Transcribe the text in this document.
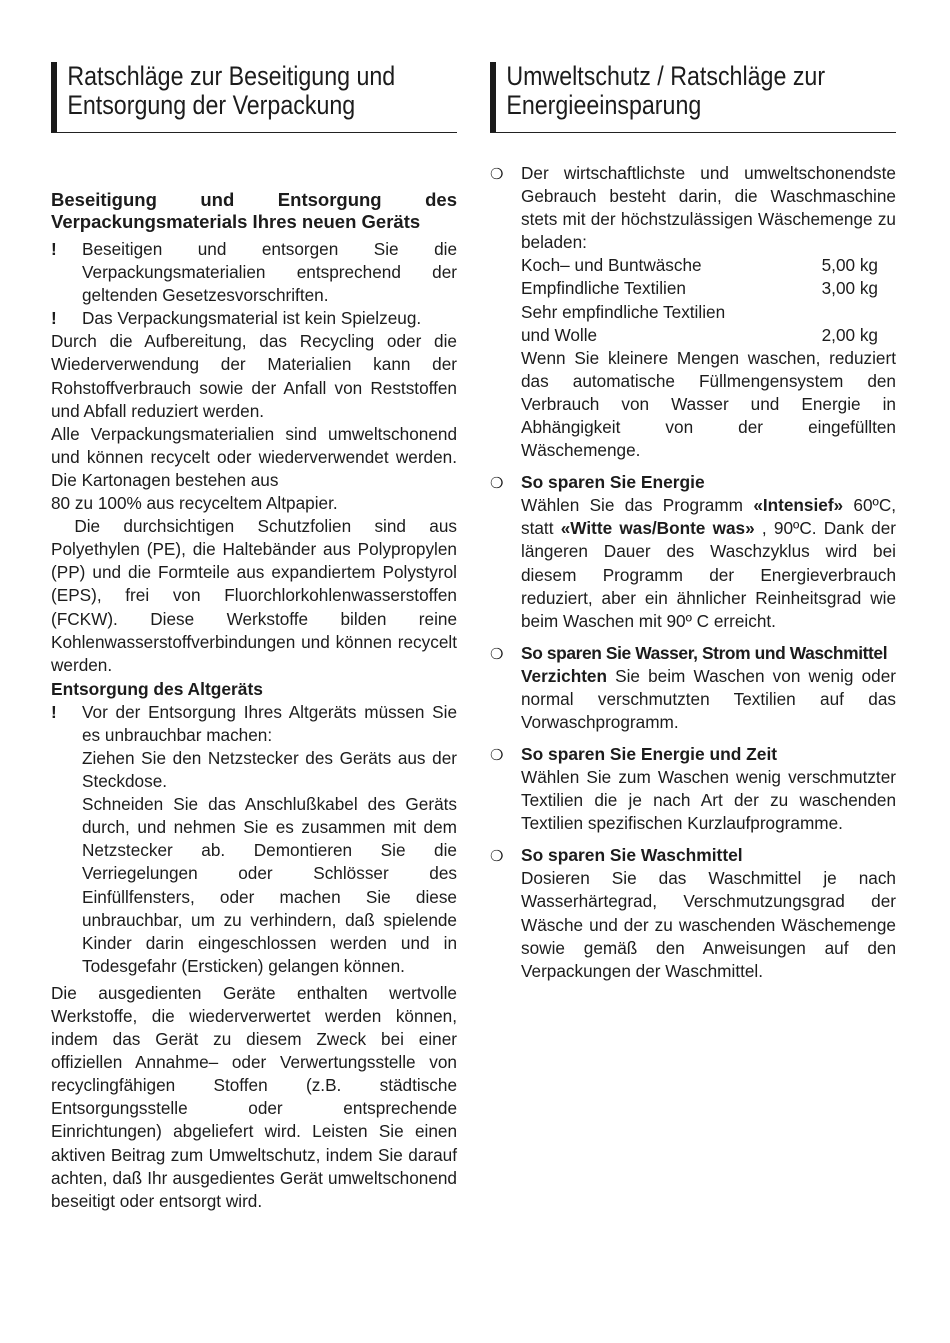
Ratschläge zur Beseitigung und
Entsorgung der Verpackung
Beseitigung und Entsorgung des Verpackungsmaterials Ihres neuen Geräts
! Beseitigen und entsorgen Sie die Verpackungsmaterialien entsprechend der geltenden Gesetzesvorschriften.

! Das Verpackungsmaterial ist kein Spielzeug.

Durch die Aufbereitung, das Recycling oder die Wiederverwendung der Materialien kann der Rohstoffverbrauch sowie der Anfall von Reststoffen und Abfall reduziert werden.

Alle Verpackungsmaterialien sind umweltschonend und können recycelt oder wiederverwendet werden. Die Kartonagen bestehen aus

80 zu 100% aus recyceltem Altpapier.

Die durchsichtigen Schutzfolien sind aus Polyethylen (PE), die Haltebänder aus Polypropylen (PP) und die Formteile aus expandiertem Polystyrol (EPS), frei von Fluorchlorkohlenwasserstoffen (FCKW). Diese Werkstoffe bilden reine Kohlenwasserstoffverbindungen und können recycelt werden.

Entsorgung des Altgeräts
! Vor der Entsorgung Ihres Altgeräts müssen Sie es unbrauchbar machen:

Ziehen Sie den Netzstecker des Geräts aus der Steckdose.

Schneiden Sie das Anschlußkabel des Geräts durch, und nehmen Sie es zusammen mit dem Netzstecker ab. Demontieren Sie die Verriegelungen oder Schlösser des Einfüllfensters, oder machen Sie diese unbrauchbar, um zu verhindern, daß spielende Kinder darin eingeschlossen werden und in Todesgefahr (Ersticken) gelangen können.

Die ausgedienten Geräte enthalten wertvolle Werkstoffe, die wiederverwertet werden können, indem das Gerät zu diesem Zweck bei einer offiziellen Annahme– oder Verwertungsstelle von recyclingfähigen Stoffen (z.B. städtische Entsorgungsstelle oder entsprechende Einrichtungen) abgeliefert wird. Leisten Sie einen aktiven Beitrag zum Umweltschutz, indem Sie darauf achten, daß Ihr ausgedientes Gerät umweltschonend beseitigt oder entsorgt wird.

Umweltschutz / Ratschläge zur
Energieeinsparung
❍ Der wirtschaftlichste und umweltschonendste Gebrauch besteht darin, die Waschmaschine stets mit der höchstzulässigen Wäschemenge zu beladen:

Koch– und Buntwäsche	5,00 kg
Empfindliche Textilien	3,00 kg
Sehr empfindliche Textilien
und Wolle	2,00 kg

Wenn Sie kleinere Mengen waschen, reduziert das automatische Füllmengensystem den Verbrauch von Wasser und Energie in Abhängigkeit von der eingefüllten Wäschemenge.

❍ So sparen Sie Energie

Wählen Sie das Programm «Intensief» 60ºC, statt «Witte was/Bonte was» , 90ºC. Dank der längeren Dauer des Waschzyklus wird bei diesem Programm der Energieverbrauch reduziert, aber ein ähnlicher Reinheitsgrad wie beim Waschen mit 90º C erreicht.

❍ So sparen Sie Wasser, Strom und Waschmittel

Verzichten Sie beim Waschen von wenig oder normal verschmutzten Textilien auf das Vorwaschprogramm.

❍ So sparen Sie Energie und Zeit

Wählen Sie zum Waschen wenig verschmutzter Textilien die je nach Art der zu waschenden Textilien spezifischen Kurzlaufprogramme.

❍ So sparen Sie Waschmittel

Dosieren Sie das Waschmittel je nach Wasserhärtegrad, Verschmutzungsgrad der Wäsche und der zu waschenden Wäschemenge sowie gemäß den Anweisungen auf den Verpackungen der Waschmittel.
